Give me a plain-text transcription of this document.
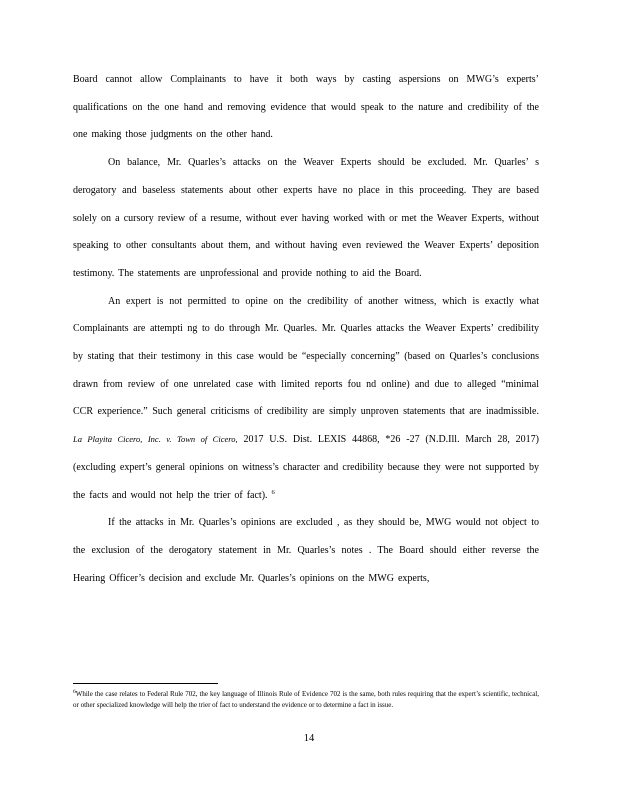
Board cannot allow Complainants to have it both ways by casting aspersions on MWG’s experts’ qualifications on the one hand and removing evidence that would speak to the nature and credibility of the one making those judgments on the other hand.

On balance, Mr. Quarles’s attacks on the Weaver Experts should be excluded. Mr. Quarles’ s derogatory and baseless statements about other experts have no place in this proceeding. They are based solely on a cursory review of a resume, without ever having worked with or met the Weaver Experts, without speaking to other consultants about them, and without having even reviewed the Weaver Experts’ deposition testimony. The statements are unprofessional and provide nothing to aid the Board.

An expert is not permitted to opine on the credibility of another witness, which is exactly what Complainants are attempti ng to do through Mr. Quarles. Mr. Quarles attacks the Weaver Experts’ credibility by stating that their testimony in this case would be “especially concerning” (based on Quarles’s conclusions drawn from review of one unrelated case with limited reports fou nd online) and due to alleged “minimal CCR experience.” Such general criticisms of credibility are simply unproven statements that are inadmissible. La Playita Cicero, Inc. v. Town of Cicero, 2017 U.S. Dist. LEXIS 44868, *26 -27 (N.D.Ill. March 28, 2017) (excluding expert’s general opinions on witness’s character and credibility because they were not supported by the facts and would not help the trier of fact). $^6$

If the attacks in Mr. Quarles’s opinions are excluded , as they should be, MWG would not object to the exclusion of the derogatory statement in Mr. Quarles’s notes . The Board should either reverse the Hearing Officer’s decision and exclude Mr. Quarles’s opinions on the MWG experts,

$^6$While the case relates to Federal Rule 702, the key language of Illinois Rule of Evidence 702 is the same, both rules requiring that the expert’s scientific, technical, or other specialized knowledge will help the trier of fact to understand the evidence or to determine a fact in issue.

14
